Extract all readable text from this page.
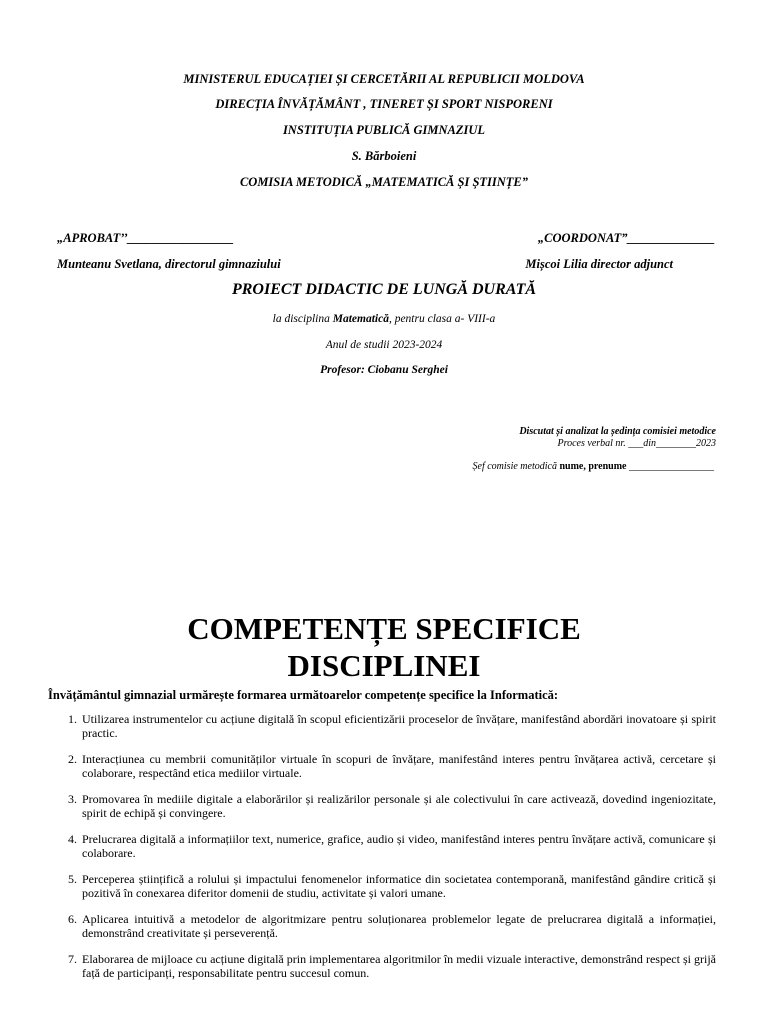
MINISTERUL EDUCAȚIEI ȘI CERCETĂRII AL REPUBLICII MOLDOVA
DIRECȚIA ÎNVĂȚĂMÂNT , TINERET ȘI SPORT NISPORENI
INSTITUȚIA PUBLICĂ GIMNAZIUL
S. Bărboieni
COMISIA METODICĂ „MATEMATICĂ ȘI ȘTIINȚE”
„APROBAT’’_________________	„COORDONAT”______________
Munteanu Svetlana, directorul gimnaziului	Mișcoi Lilia director adjunct
PROIECT DIDACTIC DE LUNGĂ DURATĂ
la disciplina Matematică, pentru clasa a- VIII-a
Anul de studii 2023-2024
Profesor: Ciobanu Serghei
Discutat și analizat la ședința comisiei metodice
Proces verbal nr. ___din________2023
Șef comisie metodică nume, prenume _________________
COMPETENȚE SPECIFICE
DISCIPLINEI
Învățământul gimnazial urmărește formarea următoarelor competențe specifice la Informatică:
1. Utilizarea instrumentelor cu acțiune digitală în scopul eficientizării proceselor de învățare, manifestând abordări inovatoare și spirit practic.
2. Interacțiunea cu membrii comunităților virtuale în scopuri de învățare, manifestând interes pentru învățarea activă, cercetare și colaborare, respectând etica mediilor virtuale.
3. Promovarea în mediile digitale a elaborărilor și realizărilor personale și ale colectivului în care activează, dovedind ingeniozitate, spirit de echipă și convingere.
4. Prelucrarea digitală a informațiilor text, numerice, grafice, audio și video, manifestând interes pentru învățare activă, comunicare și colaborare.
5. Perceperea științifică a rolului și impactului fenomenelor informatice din societatea contemporană, manifestând gândire critică și pozitivă în conexarea diferitor domenii de studiu, activitate și valori umane.
6. Aplicarea intuitivă a metodelor de algoritmizare pentru soluționarea problemelor legate de prelucrarea digitală a informației, demonstrând creativitate și perseverență.
7. Elaborarea de mijloace cu acțiune digitală prin implementarea algoritmilor în medii vizuale interactive, demonstrând respect și grijă față de participanți, responsabilitate pentru succesul comun.
